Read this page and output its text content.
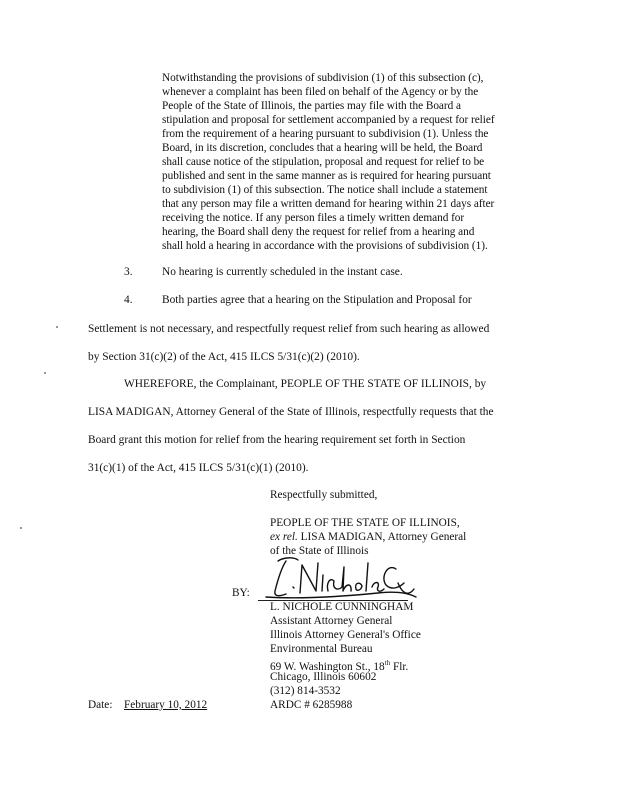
Notwithstanding the provisions of subdivision (1) of this subsection (c),
whenever a complaint has been filed on behalf of the Agency or by the
People of the State of Illinois, the parties may file with the Board a
stipulation and proposal for settlement accompanied by a request for relief
from the requirement of a hearing pursuant to subdivision (1). Unless the
Board, in its discretion, concludes that a hearing will be held, the Board
shall cause notice of the stipulation, proposal and request for relief to be
published and sent in the same manner as is required for hearing pursuant
to subdivision (1) of this subsection. The notice shall include a statement
that any person may file a written demand for hearing within 21 days after
receiving the notice. If any person files a timely written demand for
hearing, the Board shall deny the request for relief from a hearing and
shall hold a hearing in accordance with the provisions of subdivision (1).
3.	No hearing is currently scheduled in the instant case.
4.	Both parties agree that a hearing on the Stipulation and Proposal for
Settlement is not necessary, and respectfully request relief from such hearing as allowed
by Section 31(c)(2) of the Act, 415 ILCS 5/31(c)(2) (2010).
WHEREFORE, the Complainant, PEOPLE OF THE STATE OF ILLINOIS, by
LISA MADIGAN, Attorney General of the State of Illinois, respectfully requests that the
Board grant this motion for relief from the hearing requirement set forth in Section
31(c)(1) of the Act, 415 ILCS 5/31(c)(1) (2010).
Respectfully submitted,
PEOPLE OF THE STATE OF ILLINOIS,
ex rel. LISA MADIGAN, Attorney General
of the State of Illinois
BY:
L. NICHOLE CUNNINGHAM
Assistant Attorney General
Illinois Attorney General's Office
Environmental Bureau
69 W. Washington St., 18th Flr.
Chicago, Illinois 60602
(312) 814-3532
ARDC # 6285988
Date: February 10, 2012
